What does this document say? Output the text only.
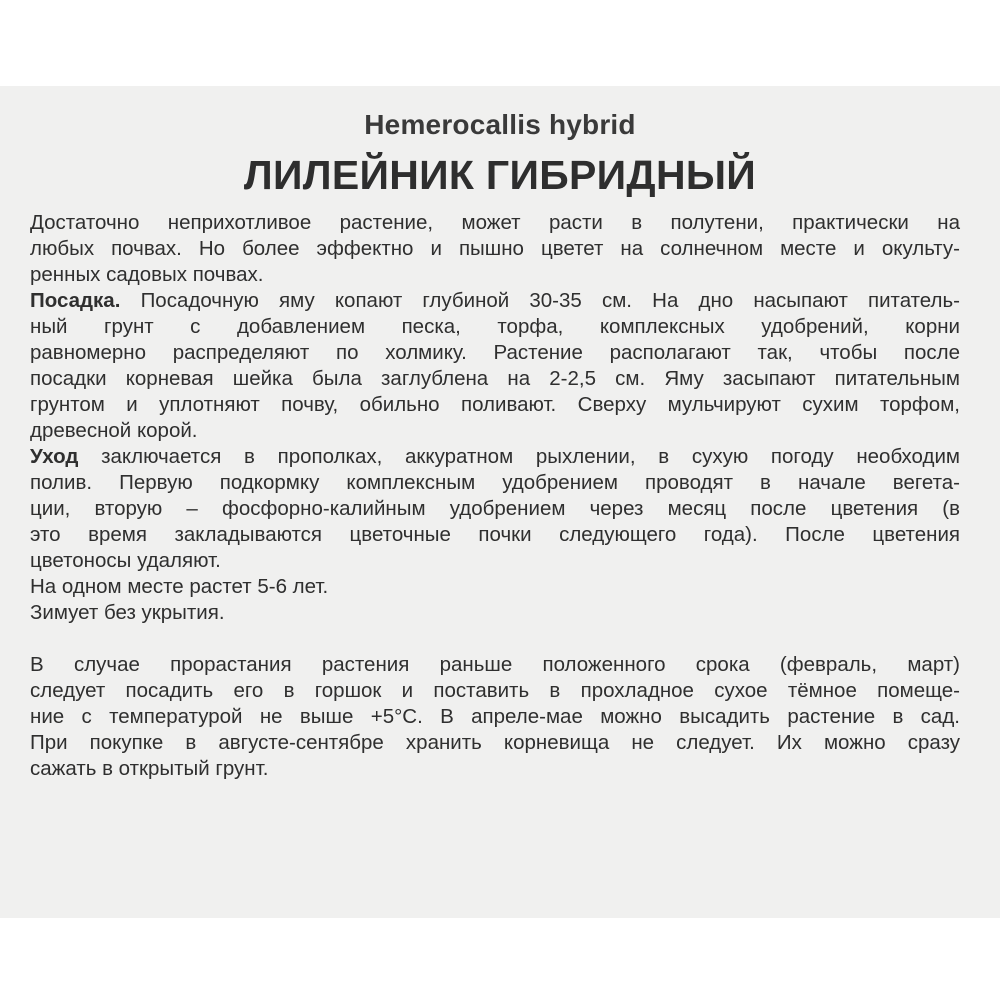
Hemerocallis hybrid
ЛИЛЕЙНИК ГИБРИДНЫЙ
Достаточно неприхотливое растение, может расти в полутени, практически на
любых почвах. Но более эффектно и пышно цветет на солнечном месте и окульту-
ренных садовых почвах.
Посадка. Посадочную яму копают глубиной 30-35 см. На дно насыпают питатель-
ный грунт с добавлением песка, торфа, комплексных удобрений, корни
равномерно распределяют по холмику. Растение располагают так, чтобы после
посадки корневая шейка была заглублена на 2-2,5 см. Яму засыпают питательным
грунтом и уплотняют почву, обильно поливают. Сверху мульчируют сухим торфом,
древесной корой.
Уход заключается в прополках, аккуратном рыхлении, в сухую погоду необходим
полив. Первую подкормку комплексным удобрением проводят в начале вегета-
ции, вторую – фосфорно-калийным удобрением через месяц после цветения (в
это время закладываются цветочные почки следующего года). После цветения
цветоносы удаляют.
На одном месте растет 5-6 лет.
Зимует без укрытия.
В случае прорастания растения раньше положенного срока (февраль, март)
следует посадить его в горшок и поставить в прохладное сухое тёмное помеще-
ние с температурой не выше +5°С. В апреле-мае можно высадить растение в сад.
При покупке в августе-сентябре хранить корневища не следует. Их можно сразу
сажать в открытый грунт.
